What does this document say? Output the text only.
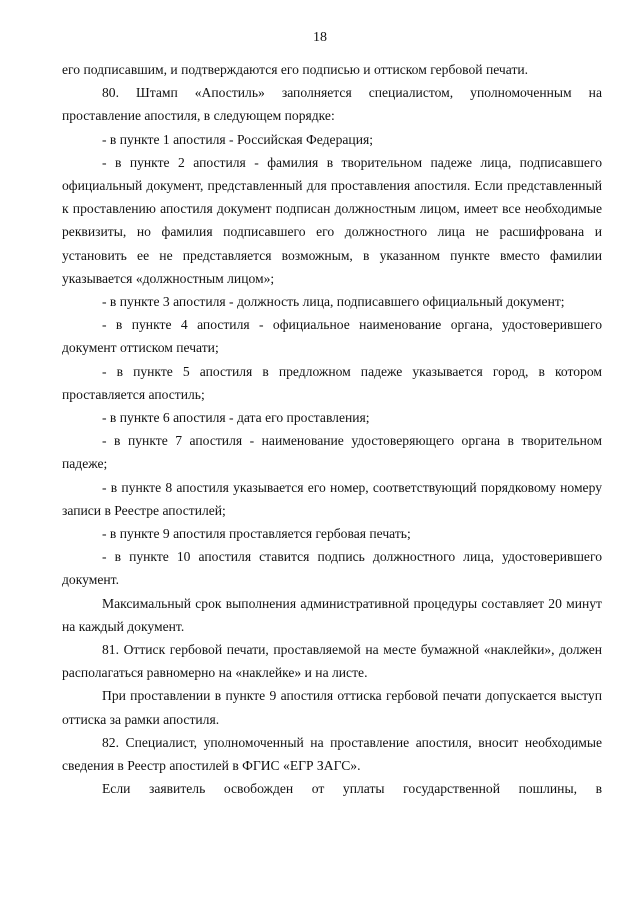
18

его подписавшим, и подтверждаются его подписью и оттиском гербовой печати.

80. Штамп «Апостиль» заполняется специалистом, уполномоченным на проставление апостиля, в следующем порядке:

- в пункте 1 апостиля - Российская Федерация;

- в пункте 2 апостиля - фамилия в творительном падеже лица, подписавшего официальный документ, представленный для проставления апостиля. Если представленный к проставлению апостиля документ подписан должностным лицом, имеет все необходимые реквизиты, но фамилия подписавшего его должностного лица не расшифрована и установить ее не представляется возможным, в указанном пункте вместо фамилии указывается «должностным лицом»;

- в пункте 3 апостиля - должность лица, подписавшего официальный документ;

- в пункте 4 апостиля - официальное наименование органа, удостоверившего документ оттиском печати;

- в пункте 5 апостиля в предложном падеже указывается город, в котором проставляется апостиль;

- в пункте 6 апостиля - дата его проставления;

- в пункте 7 апостиля - наименование удостоверяющего органа в творительном падеже;

- в пункте 8 апостиля указывается его номер, соответствующий порядковому номеру записи в Реестре апостилей;

- в пункте 9 апостиля проставляется гербовая печать;

- в пункте 10 апостиля ставится подпись должностного лица, удостоверившего документ.

Максимальный срок выполнения административной процедуры составляет 20 минут на каждый документ.

81. Оттиск гербовой печати, проставляемой на месте бумажной «наклейки», должен располагаться равномерно на «наклейке» и на листе.

При проставлении в пункте 9 апостиля оттиска гербовой печати допускается выступ оттиска за рамки апостиля.

82. Специалист, уполномоченный на проставление апостиля, вносит необходимые сведения в Реестр апостилей в ФГИС «ЕГР ЗАГС».

Если заявитель освобожден от уплаты государственной пошлины, в
